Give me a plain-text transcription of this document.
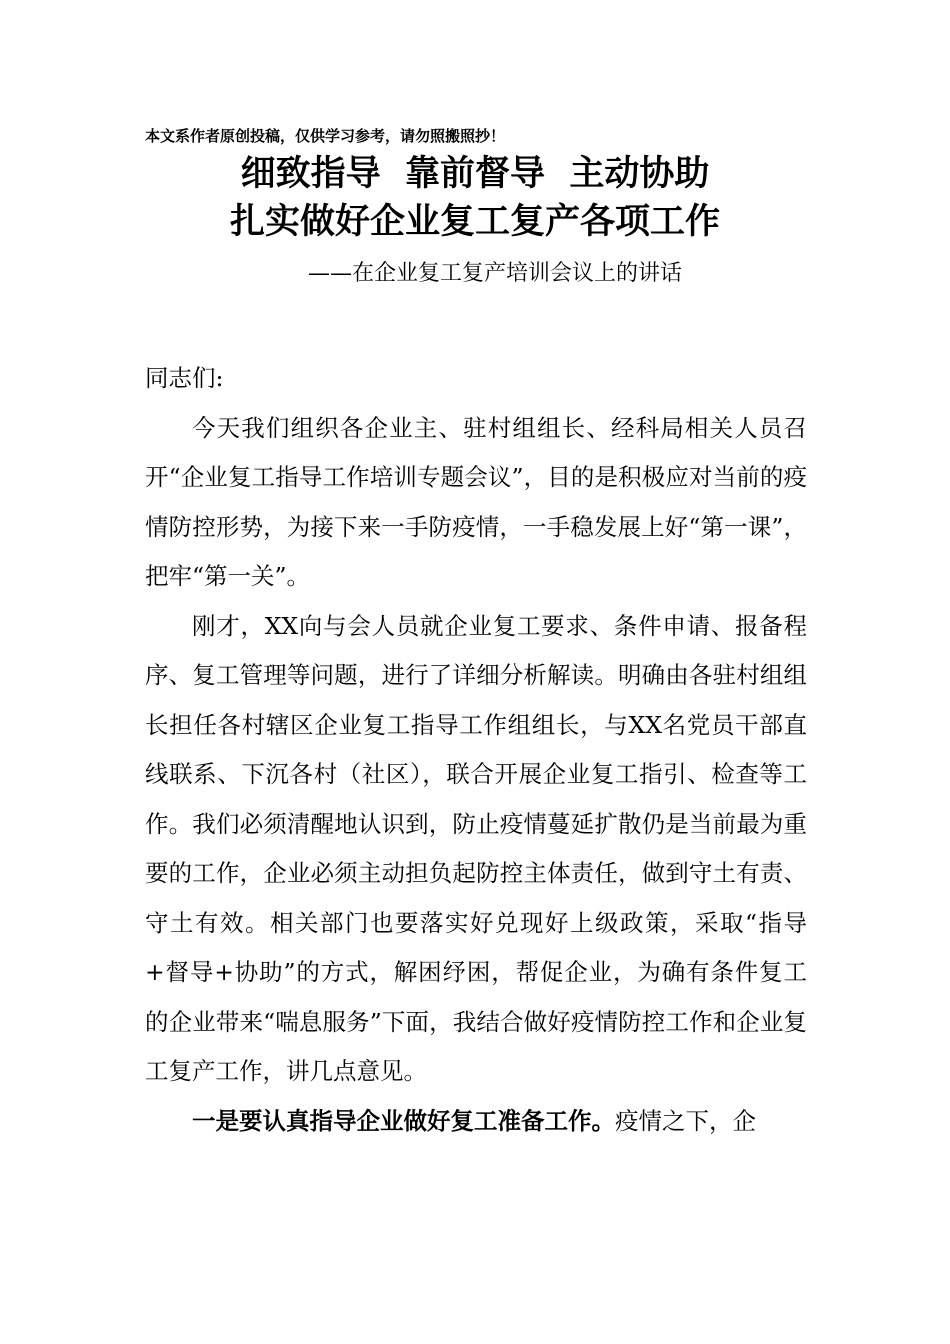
本文系作者原创投稿，仅供学习参考，请勿照搬照抄！
细致指导  靠前督导  主动协助
扎实做好企业复工复产各项工作
——在企业复工复产培训会议上的讲话

同志们:

今天我们组织各企业主、驻村组组长、经科局相关人员召开“企业复工指导工作培训专题会议”，目的是积极应对当前的疫情防控形势，为接下来一手防疫情，一手稳发展上好“第一课”，把牢“第一关”。

刚才，XX向与会人员就企业复工要求、条件申请、报备程序、复工管理等问题，进行了详细分析解读。明确由各驻村组组长担任各村辖区企业复工指导工作组组长，与XX名党员干部直线联系、下沉各村（社区），联合开展企业复工指引、检查等工作。我们必须清醒地认识到，防止疫情蔓延扩散仍是当前最为重要的工作，企业必须主动担负起防控主体责任，做到守土有责、守土有效。相关部门也要落实好兑现好上级政策，采取“指导+督导+协助”的方式，解困纾困，帮促企业，为确有条件复工的企业带来“喘息服务”下面，我结合做好疫情防控工作和企业复工复产工作，讲几点意见。

一是要认真指导企业做好复工准备工作。疫情之下，企
